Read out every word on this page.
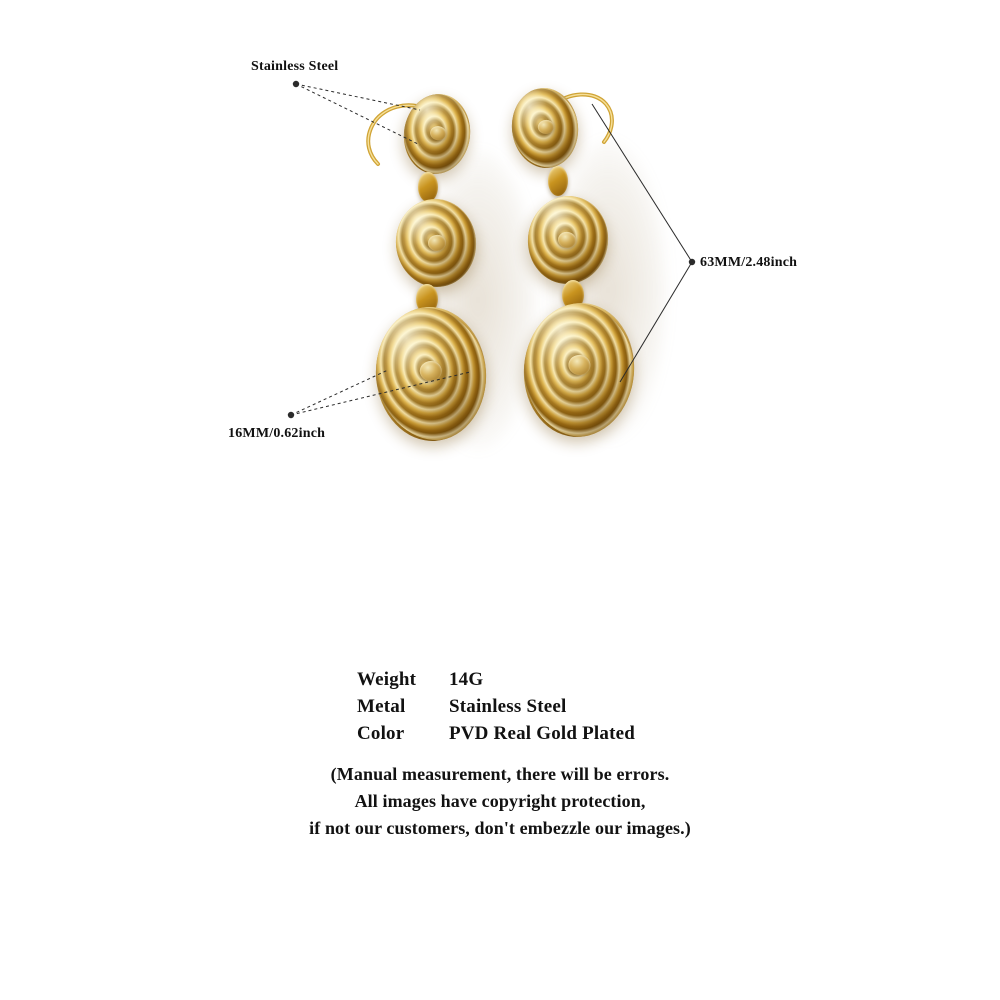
Stainless Steel
63MM/2.48inch
16MM/0.62inch
Weight	14G
Metal	Stainless Steel
Color	PVD Real Gold Plated
(Manual measurement, there will be errors.
All images have copyright protection,
if not our customers, don't embezzle our images.)
